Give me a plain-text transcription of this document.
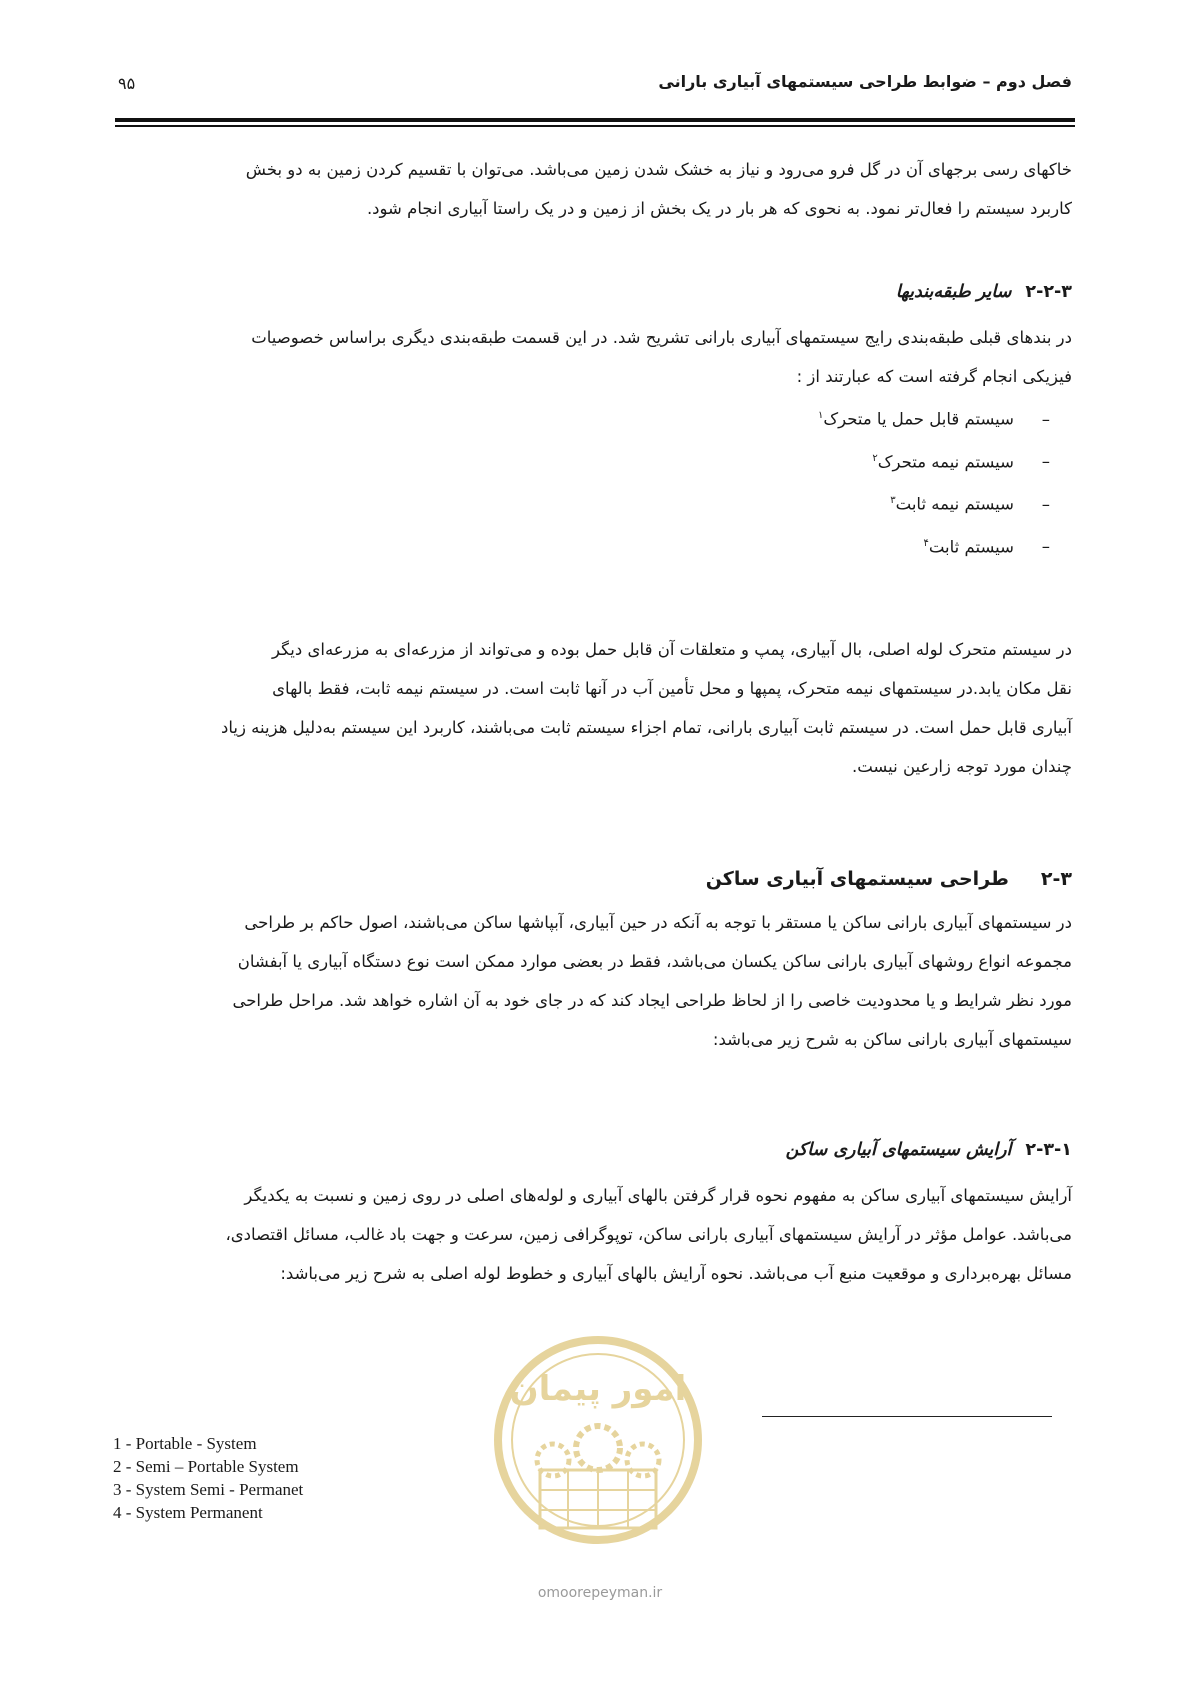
فصل دوم – ضوابط طراحی سیستمهای آبیاری بارانی
۹۵
خاکهای رسی برجهای آن در گل فرو می‌رود و نیاز به خشک شدن زمین می‌باشد. می‌توان با تقسیم کردن زمین به دو بخش
کاربرد سیستم را فعال‌تر نمود. به نحوی که هر بار در یک بخش از زمین و در یک راستا آبیاری انجام شود.
۲-۲-۳سایر طبقه‌بندیها
در بندهای قبلی طبقه‌بندی رایج سیستمهای آبیاری بارانی تشریح شد. در این قسمت طبقه‌بندی دیگری براساس خصوصیات
فیزیکی انجام گرفته است که عبارتند از :
–سیستم قابل حمل یا متحرک$^۱$
–سیستم نیمه متحرک$^۲$
–سیستم نیمه ثابت$^۳$
–سیستم ثابت$^۴$
در سیستم متحرک لوله اصلی، بال آبیاری، پمپ و متعلقات آن قابل حمل بوده و می‌تواند از مزرعه‌ای به مزرعه‌ای دیگر
نقل مکان یابد.در سیستمهای نیمه متحرک، پمپها و محل تأمین آب در آنها ثابت است. در سیستم نیمه ثابت، فقط بالهای
آبیاری قابل حمل است. در سیستم ثابت آبیاری بارانی، تمام اجزاء سیستم ثابت می‌باشند، کاربرد این سیستم به‌دلیل هزینه زیاد
چندان مورد توجه زارعین نیست.
۲-۳طراحی سیستمهای آبیاری ساکن
در سیستمهای آبیاری بارانی ساکن یا مستقر با توجه به آنکه در حین آبیاری، آبپاشها ساکن می‌باشند، اصول حاکم بر طراحی
مجموعه انواع روشهای آبیاری بارانی ساکن یکسان می‌باشد، فقط در بعضی موارد ممکن است نوع دستگاه آبیاری یا آبفشان
مورد نظر شرایط و یا محدودیت خاصی را از لحاظ طراحی ایجاد کند که در جای خود به آن اشاره خواهد شد. مراحل طراحی
سیستمهای آبیاری بارانی ساکن به شرح زیر می‌باشد:
۲-۳-۱آرایش سیستمهای آبیاری ساکن
آرایش سیستمهای آبیاری ساکن به مفهوم نحوه قرار گرفتن بالهای آبیاری و لوله‌های اصلی در روی زمین و نسبت به یکدیگر
می‌باشد. عوامل مؤثر در آرایش سیستمهای آبیاری بارانی ساکن، توپوگرافی زمین، سرعت و جهت باد غالب، مسائل اقتصادی،
مسائل بهره‌برداری و موقعیت منبع آب می‌باشد. نحوه آرایش بالهای آبیاری و خطوط لوله اصلی به شرح زیر می‌باشد:
امور پیمان
omoorepeyman.ir
1 - Portable - System
2 - Semi – Portable System
3 - System Semi - Permanet
4 - System Permanent
